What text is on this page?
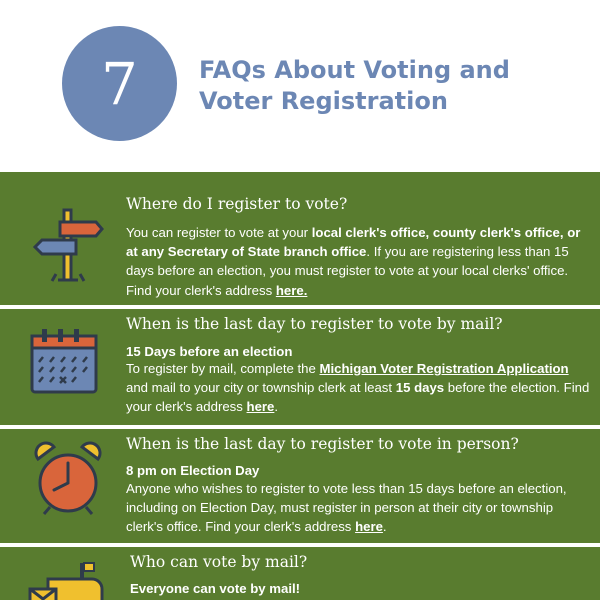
7	FAQs About Voting and
Voter Registration
Where do I register to vote?
You can register to vote at your local clerk's office, county clerk's office, or at any Secretary of State branch office. If you are registering less than 15 days before an election, you must register to vote at your local clerks' office. Find your clerk's address here.
When is the last day to register to vote by mail?
15 Days before an election
To register by mail, complete the Michigan Voter Registration Application and mail to your city or township clerk at least 15 days before the election. Find your clerk's address here.
When is the last day to register to vote in person?
8 pm on Election Day
Anyone who wishes to register to vote less than 15 days before an election, including on Election Day, must register in person at their city or township clerk's office. Find your clerk's address here.
Who can vote by mail?
Everyone can vote by mail!
